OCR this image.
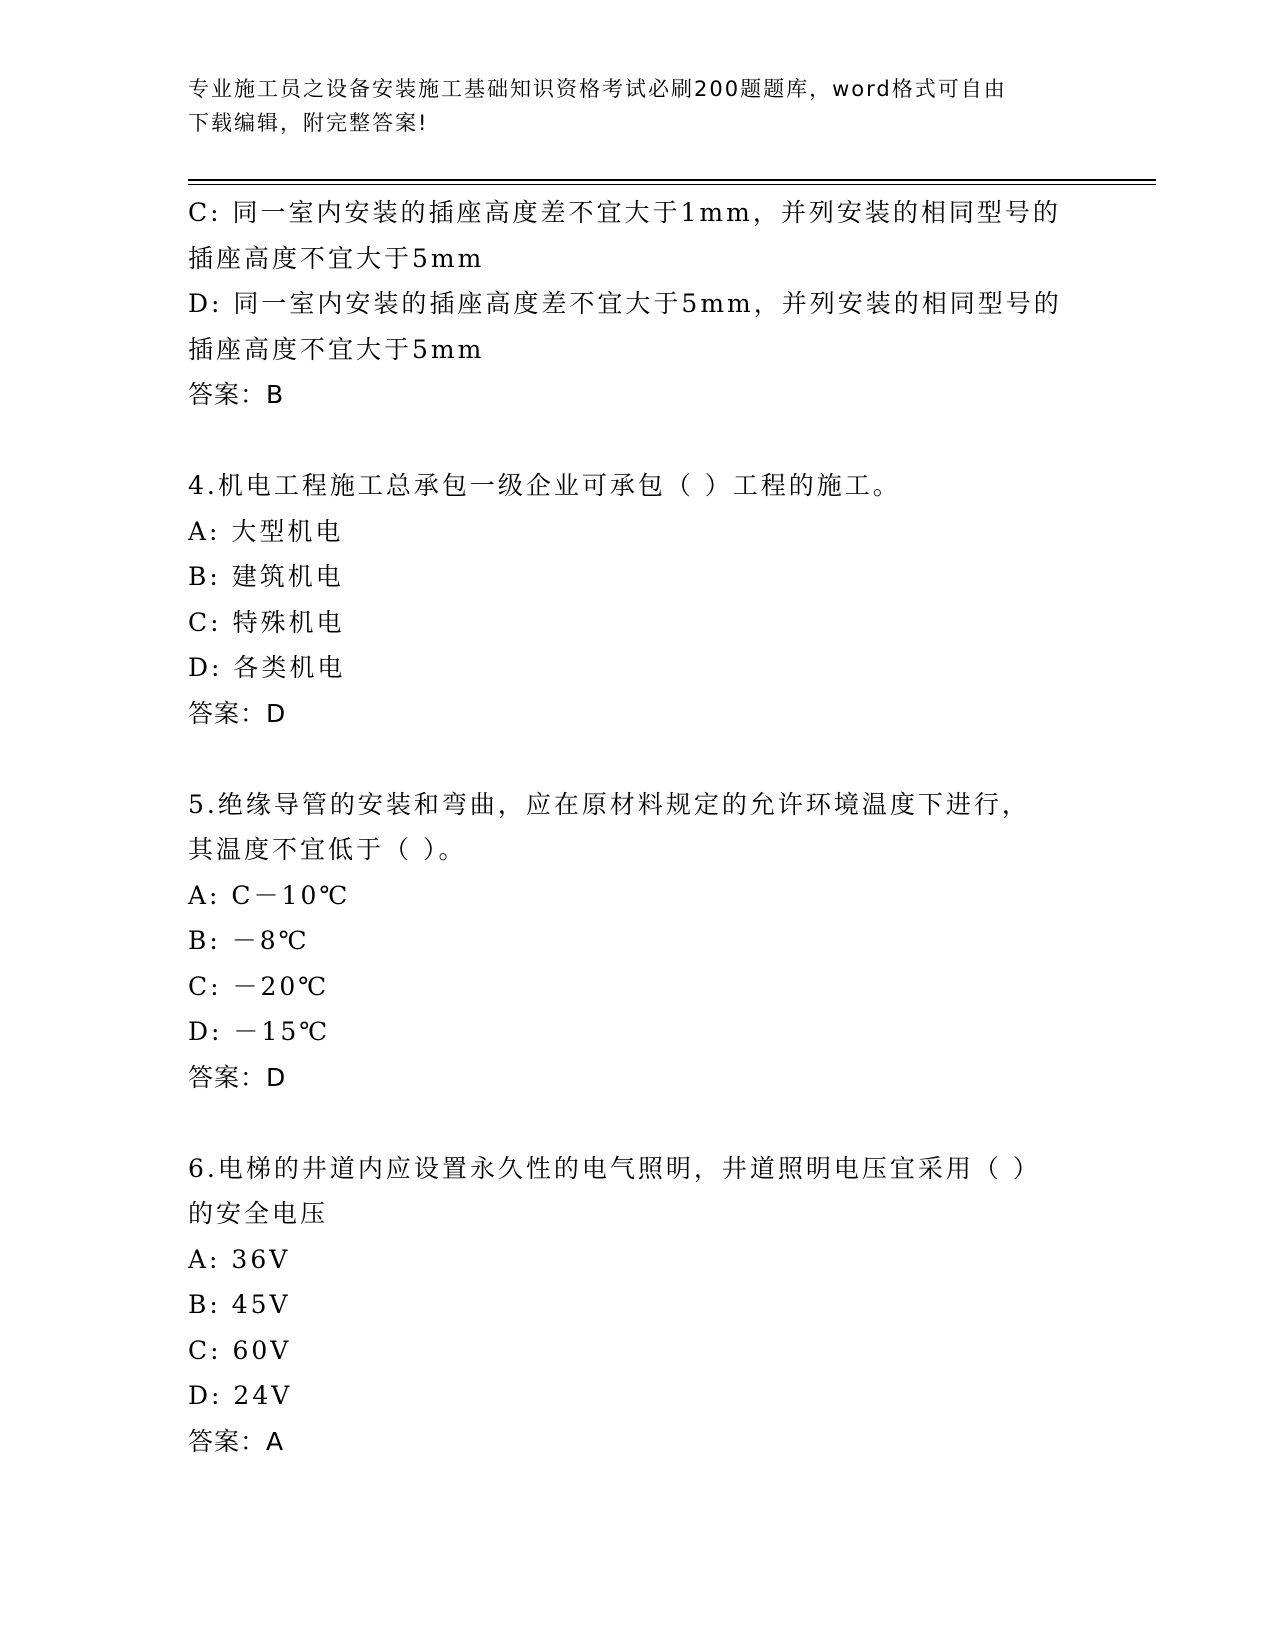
专业施工员之设备安装施工基础知识资格考试必刷200题题库，word格式可自由
下载编辑，附完整答案!
C: 同一室内安装的插座高度差不宜大于1mm，并列安装的相同型号的
插座高度不宜大于5mm
D: 同一室内安装的插座高度差不宜大于5mm，并列安装的相同型号的
插座高度不宜大于5mm
答案：B
4.机电工程施工总承包一级企业可承包（ ）工程的施工。
A: 大型机电
B: 建筑机电
C: 特殊机电
D: 各类机电
答案：D
5.绝缘导管的安装和弯曲，应在原材料规定的允许环境温度下进行，
其温度不宜低于（ ）。
A: C－10℃
B: －8℃
C: －20℃
D: －15℃
答案：D
6.电梯的井道内应设置永久性的电气照明，井道照明电压宜采用（ ）
的安全电压
A: 36V
B: 45V
C: 60V
D: 24V
答案：A
